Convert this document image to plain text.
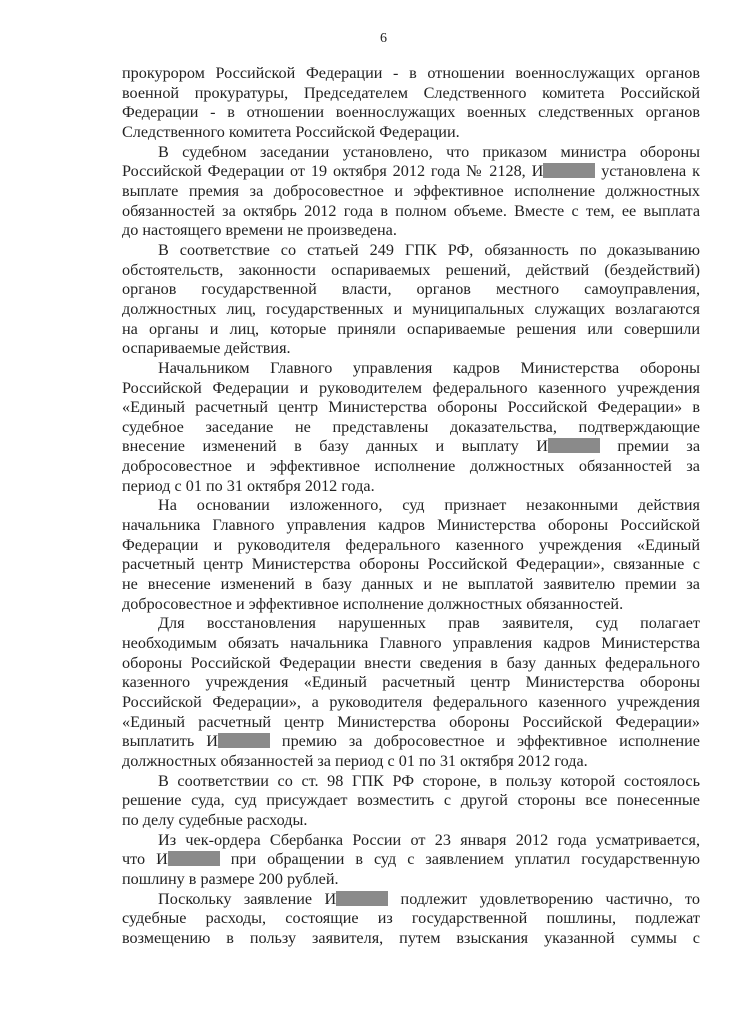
6
прокурором Российской Федерации - в отношении военнослужащих органов
военной прокуратуры, Председателем Следственного комитета Российской
Федерации - в отношении военнослужащих военных следственных органов
Следственного комитета Российской Федерации.
В судебном заседании установлено, что приказом министра обороны
Российской Федерации от 19 октября 2012 года № 2128, И	установлена к
выплате премия за добросовестное и эффективное исполнение должностных
обязанностей за октябрь 2012 года в полном объеме. Вместе с тем, ее выплата
до настоящего времени не произведена.
В соответствие со статьей 249 ГПК РФ, обязанность по доказыванию
обстоятельств, законности оспариваемых решений, действий (бездействий)
органов государственной власти, органов местного самоуправления,
должностных лиц, государственных и муниципальных служащих возлагаются
на органы и лиц, которые приняли оспариваемые решения или совершили
оспариваемые действия.
Начальником Главного управления кадров Министерства обороны
Российской Федерации и руководителем федерального казенного учреждения
«Единый расчетный центр Министерства обороны Российской Федерации» в
судебное заседание не представлены доказательства, подтверждающие
внесение изменений в базу данных и выплату И	премии за
добросовестное и эффективное исполнение должностных обязанностей за
период с 01 по 31 октября 2012 года.
На основании изложенного, суд признает незаконными действия
начальника Главного управления кадров Министерства обороны Российской
Федерации и руководителя федерального казенного учреждения «Единый
расчетный центр Министерства обороны Российской Федерации», связанные с
не внесение изменений в базу данных и не выплатой заявителю премии за
добросовестное и эффективное исполнение должностных обязанностей.
Для восстановления нарушенных прав заявителя, суд полагает
необходимым обязать начальника Главного управления кадров Министерства
обороны Российской Федерации внести сведения в базу данных федерального
казенного учреждения «Единый расчетный центр Министерства обороны
Российской Федерации», а руководителя федерального казенного учреждения
«Единый расчетный центр Министерства обороны Российской Федерации»
выплатить И	премию за добросовестное и эффективное исполнение
должностных обязанностей за период с 01 по 31 октября 2012 года.
В соответствии со ст. 98 ГПК РФ стороне, в пользу которой состоялось
решение суда, суд присуждает возместить с другой стороны все понесенные
по делу судебные расходы.
Из чек-ордера Сбербанка России от 23 января 2012 года усматривается,
что И	при обращении в суд с заявлением уплатил государственную
пошлину в размере 200 рублей.
Поскольку заявление И	подлежит удовлетворению частично, то
судебные расходы, состоящие из государственной пошлины, подлежат
возмещению в пользу заявителя, путем взыскания указанной суммы с
